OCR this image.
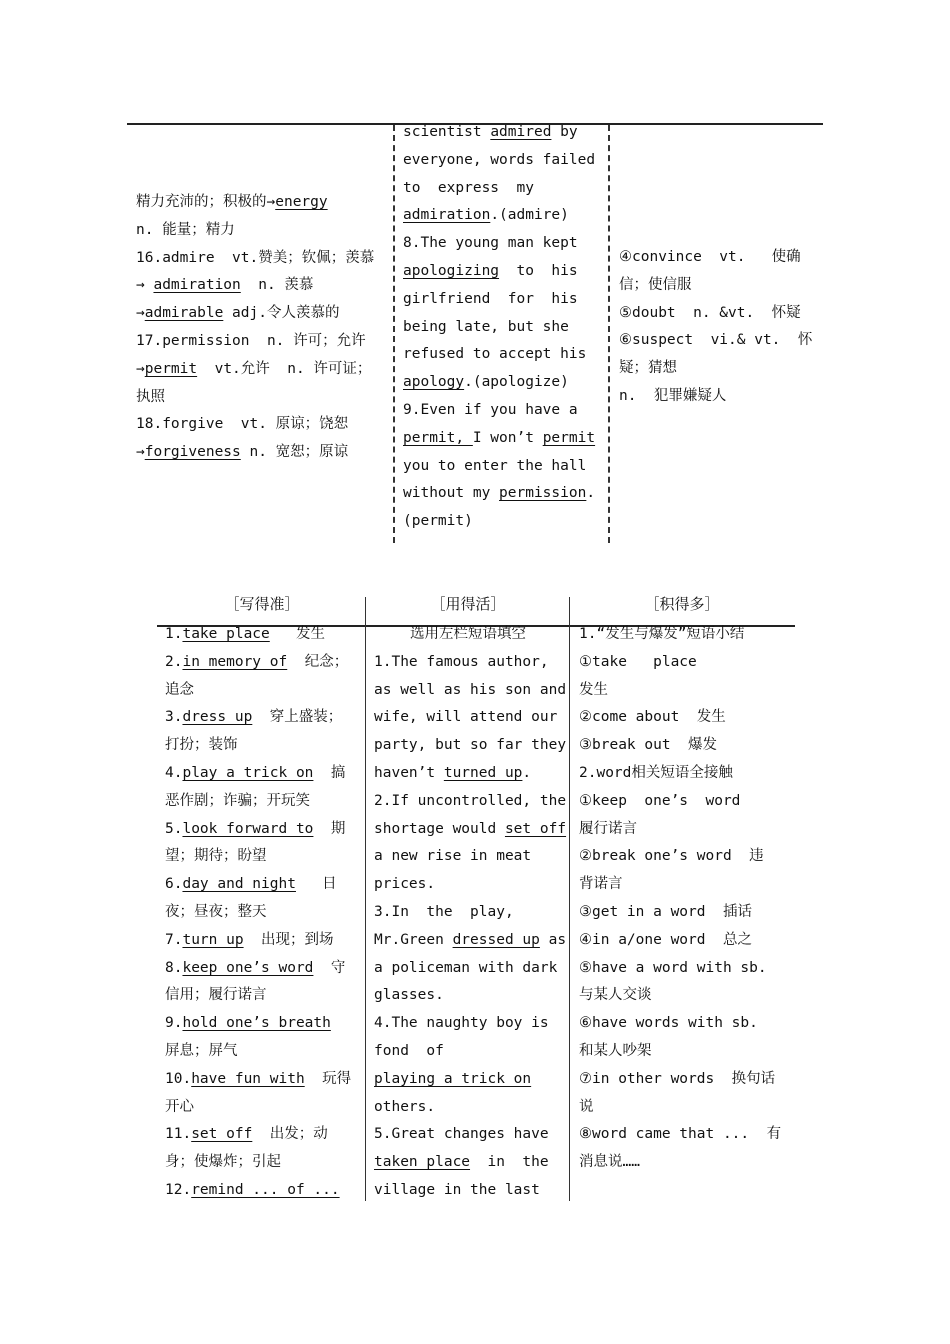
精力充沛的；积极的→energy
n. 能量；精力
16.admire  vt.赞美；钦佩；羡慕
→ admiration  n. 羡慕
→admirable adj.令人羡慕的
17.permission  n. 许可；允许
→permit  vt.允许  n. 许可证；
执照
18.forgive  vt. 原谅；饶恕
→forgiveness n. 宽恕；原谅
scientist admired by
everyone, words failed
to  express  my
admiration.(admire)
8.The young man kept
apologizing  to  his
girlfriend  for  his
being late, but she
refused to accept his
apology.(apologize)
9.Even if you have a
permit, I won’t permit
you to enter the hall
without my permission.
(permit)
④convince  vt.   使确
信；使信服
⑤doubt  n. &vt.  怀疑
⑥suspect  vi.& vt.  怀
疑；猜想
n.  犯罪嫌疑人
［写得准］	［用得活］	［积得多］
1.take place   发生
2.in memory of  纪念；
追念
3.dress up  穿上盛装；
打扮；装饰
4.play a trick on  搞
恶作剧；诈骗；开玩笑
5.look forward to  期
望；期待；盼望
6.day and night   日
夜；昼夜；整天
7.turn up  出现；到场
8.keep one’s word  守
信用；履行诺言
9.hold one’s breath
屏息；屏气
10.have fun with  玩得
开心
11.set off  出发；动
身；使爆炸；引起
12.remind ... of ...
选用左栏短语填空
1.The famous author,
as well as his son and
wife, will attend our
party, but so far they
haven’t turned up.
2.If uncontrolled, the
shortage would set off
a new rise in meat
prices.
3.In  the  play,
Mr.Green dressed up as
a policeman with dark
glasses.
4.The naughty boy is
fond  of
playing a trick on
others.
5.Great changes have
taken place  in  the
village in the last
1.“发生与爆发”短语小结
①take   place
发生
②come about  发生
③break out  爆发
2.word相关短语全接触
①keep  one’s  word
履行诺言
②break one’s word  违
背诺言
③get in a word  插话
④in a/one word  总之
⑤have a word with sb.
与某人交谈
⑥have words with sb.
和某人吵架
⑦in other words  换句话
说
⑧word came that ...  有
消息说……
